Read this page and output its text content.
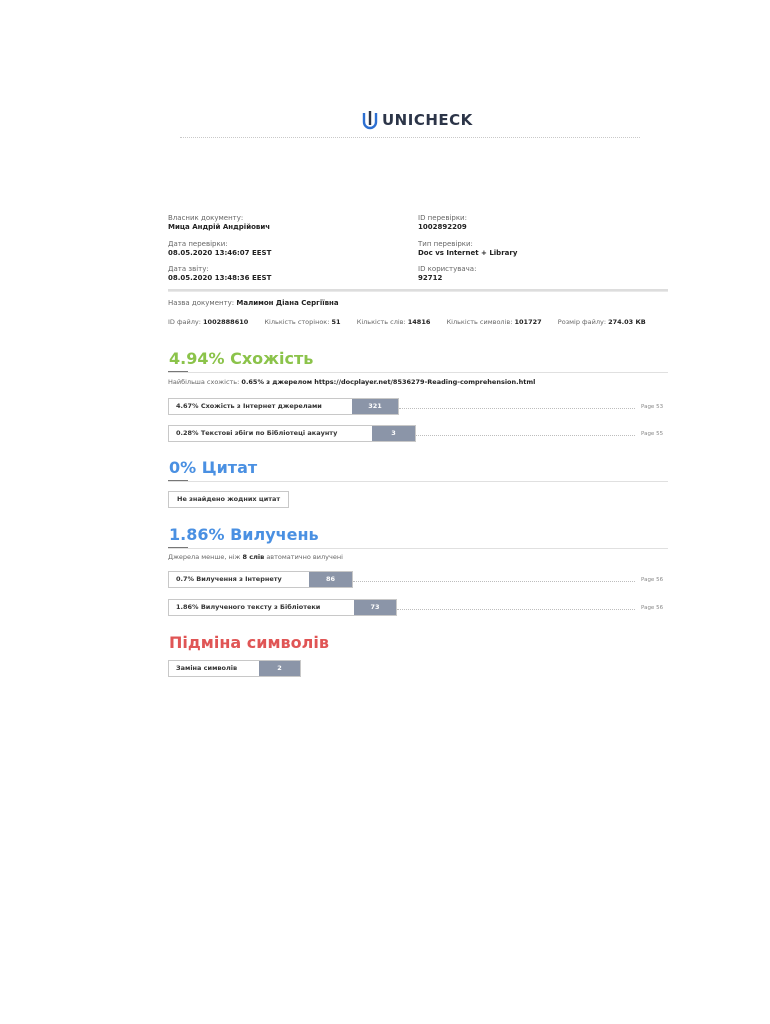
UNICHECK
Власник документу:
Мица Андрій Андрійович
Дата перевірки:
08.05.2020 13:46:07 EEST
Дата звіту:
08.05.2020 13:48:36 EEST
ID перевірки:
1002892209
Тип перевірки:
Doc vs Internet + Library
ID користувача:
92712
Назва документу: Малимон Діана Сергіївна
ID файлу: 1002888610 Кількість сторінок: 51 Кількість слів: 14816 Кількість символів: 101727 Розмір файлу: 274.03 КВ
4.94% Схожість
Найбільша схожість: 0.65% з джерелом https://docplayer.net/8536279-Reading-comprehension.html
4.67% Схожість з Інтернет джерелами	321	Page 53
0.28% Текстові збіги по Бібліотеці акаунту	3	Page 55
0% Цитат
Не знайдено жодних цитат
1.86% Вилучень
Джерела менше, ніж 8 слів автоматично вилучені
0.7% Вилучення з Інтернету	86	Page 56
1.86% Вилученого тексту з Бібліотеки	73	Page 56
Підміна символів
Заміна символів	2
